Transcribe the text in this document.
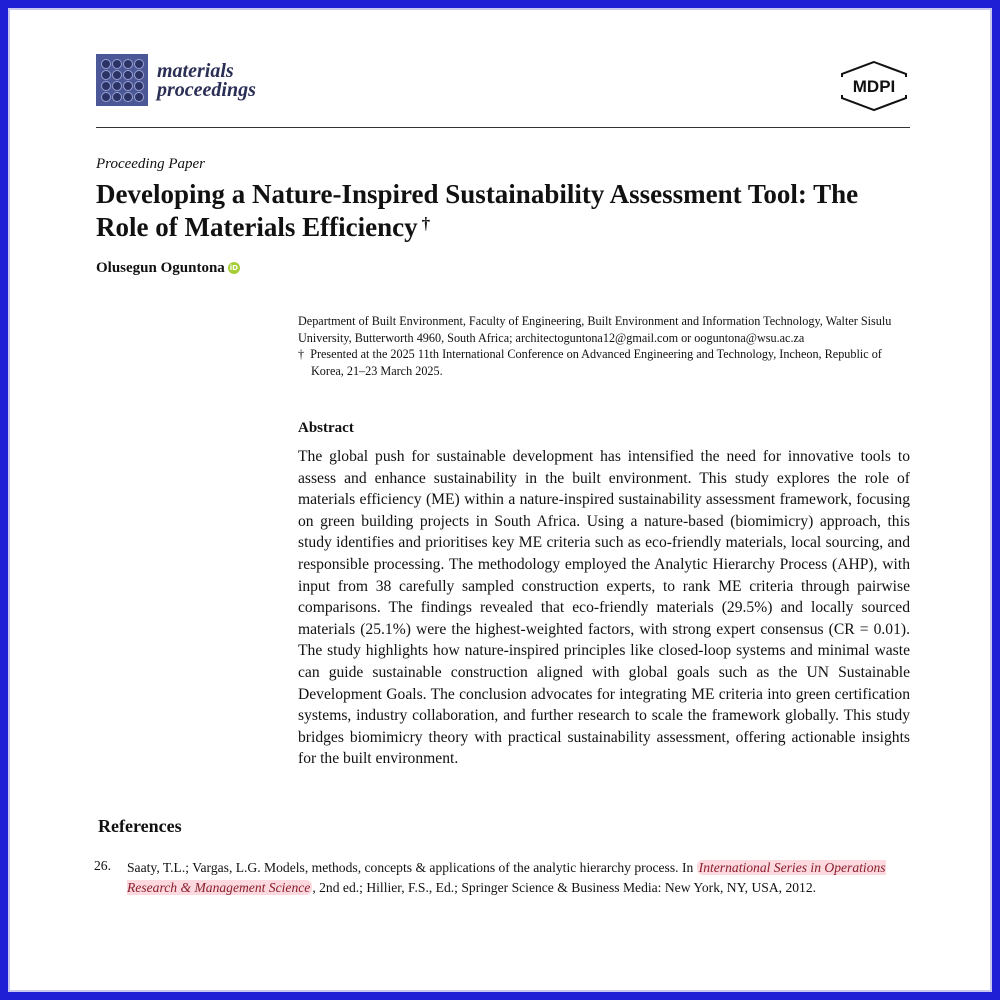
materials
proceedings	MDPI
Proceeding Paper
Developing a Nature-Inspired Sustainability Assessment Tool: The Role of Materials Efficiency †
Olusegun Oguntona iD

Department of Built Environment, Faculty of Engineering, Built Environment and Information Technology, Walter Sisulu University, Butterworth 4960, South Africa; architectoguntona12@gmail.com or ooguntona@wsu.ac.za

† Presented at the 2025 11th International Conference on Advanced Engineering and Technology, Incheon, Republic of Korea, 21–23 March 2025.

Abstract

The global push for sustainable development has intensified the need for innovative tools to assess and enhance sustainability in the built environment. This study explores the role of materials efficiency (ME) within a nature-inspired sustainability assessment framework, focusing on green building projects in South Africa. Using a nature-based (biomimicry) approach, this study identifies and prioritises key ME criteria such as eco-friendly materials, local sourcing, and responsible processing. The methodology employed the Analytic Hierarchy Process (AHP), with input from 38 carefully sampled construction experts, to rank ME criteria through pairwise comparisons. The findings revealed that eco-friendly materials (29.5%) and locally sourced materials (25.1%) were the highest-weighted factors, with strong expert consensus (CR = 0.01). The study highlights how nature-inspired principles like closed-loop systems and minimal waste can guide sustainable construction aligned with global goals such as the UN Sustainable Development Goals. The conclusion advocates for integrating ME criteria into green certification systems, industry collaboration, and further research to scale the framework globally. This study bridges biomimicry theory with practical sustainability assessment, offering actionable insights for the built environment.

References
26. Saaty, T.L.; Vargas, L.G. Models, methods, concepts & applications of the analytic hierarchy process. In International Series in Operations Research & Management Science , 2nd ed.; Hillier, F.S., Ed.; Springer Science & Business Media: New York, NY, USA, 2012.
